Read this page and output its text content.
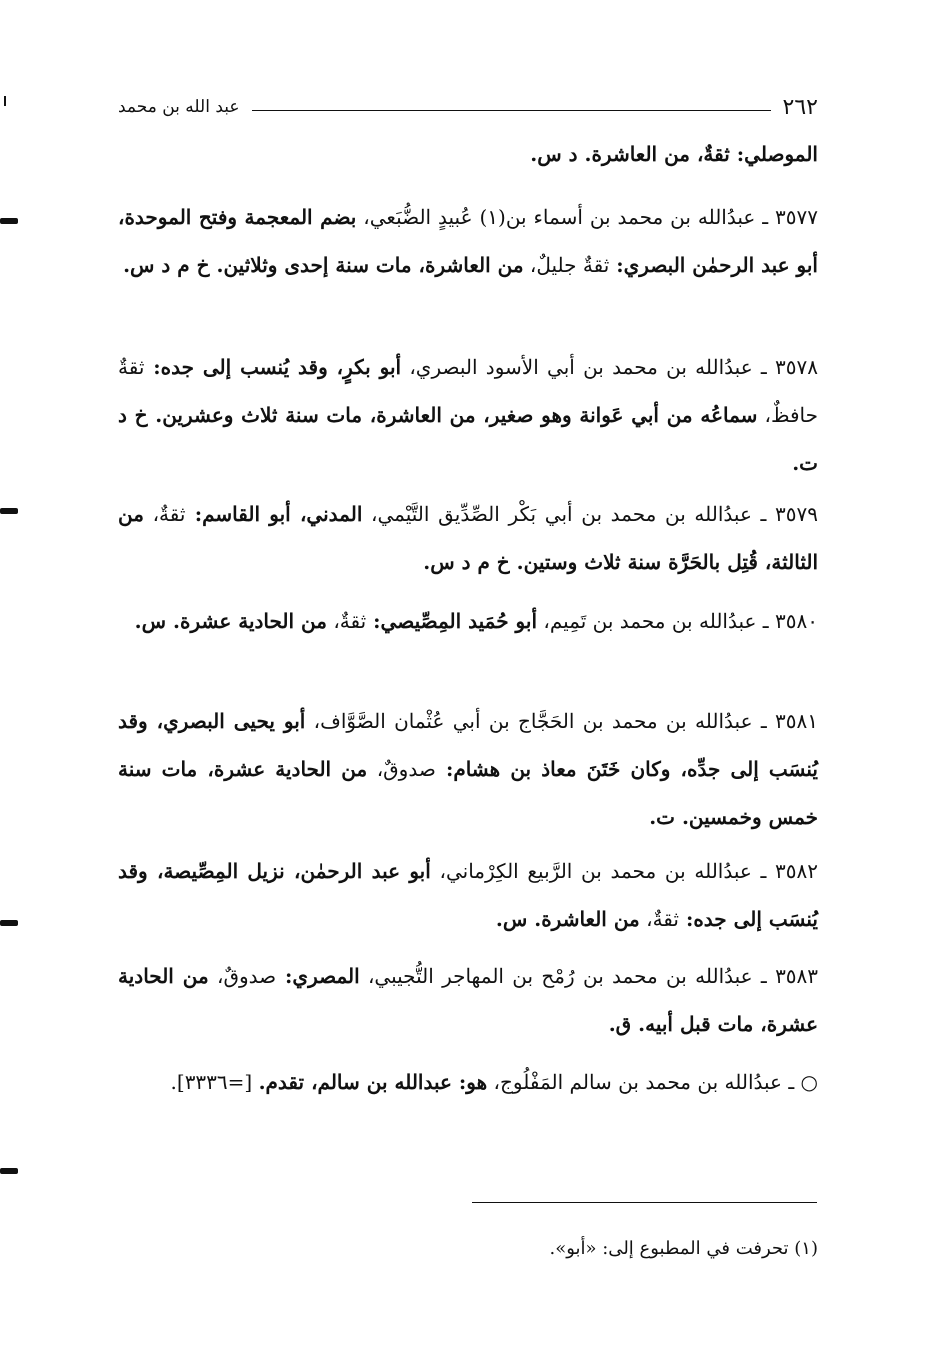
٢٦٢
عبد الله بن محمد
الموصلي: ثقةٌ، من العاشرة. د س.
٣٥٧٧ ـ عبدُالله بن محمد بن أسماء بن(١) عُبيدٍ الضُّبَعي، بضم المعجمة وفتح الموحدة، أبو عبد الرحمٰن البصري: ثقةٌ جليلٌ، من العاشرة، مات سنة إحدى وثلاثين. خ م د س.
٣٥٧٨ ـ عبدُالله بن محمد بن أبي الأسود البصري، أبو بكرٍ، وقد يُنسب إلى جده: ثقةٌ حافظٌ، سماعُه من أبي عَوانة وهو صغير، من العاشرة، مات سنة ثلاث وعشرين. خ د ت.
٣٥٧٩ ـ عبدُالله بن محمد بن أبي بَكْر الصِّدِّيق التَّيْمي، المدني، أبو القاسم: ثقةٌ، من الثالثة، قُتِل بالحَرَّة سنة ثلاث وستين. خ م د س.
٣٥٨٠ ـ عبدُالله بن محمد بن تَمِيم، أبو حُمَيد المِصِّيصي: ثقةٌ، من الحادية عشرة. س.
٣٥٨١ ـ عبدُالله بن محمد بن الحَجَّاج بن أبي عُثْمان الصَّوَّاف، أبو يحيى البصري، وقد يُنسَب إلى جدِّه، وكان خَتَنَ معاذ بن هشام: صدوقٌ، من الحادية عشرة، مات سنة خمس وخمسين. ت.
٣٥٨٢ ـ عبدُالله بن محمد بن الرَّبيع الكِرْماني، أبو عبد الرحمٰن، نزيل المِصِّيصة، وقد يُنسَب إلى جده: ثقةٌ، من العاشرة. س.
٣٥٨٣ ـ عبدُالله بن محمد بن رُمْح بن المهاجر التُّجيبي، المصري: صدوقٌ، من الحادية عشرة، مات قبل أبيه. ق.
○ ـ عبدُالله بن محمد بن سالم المَفْلُوج، هو: عبدالله بن سالم، تقدم. [=٣٣٣٦].
(١) تحرفت في المطبوع إلى: «أبو».
